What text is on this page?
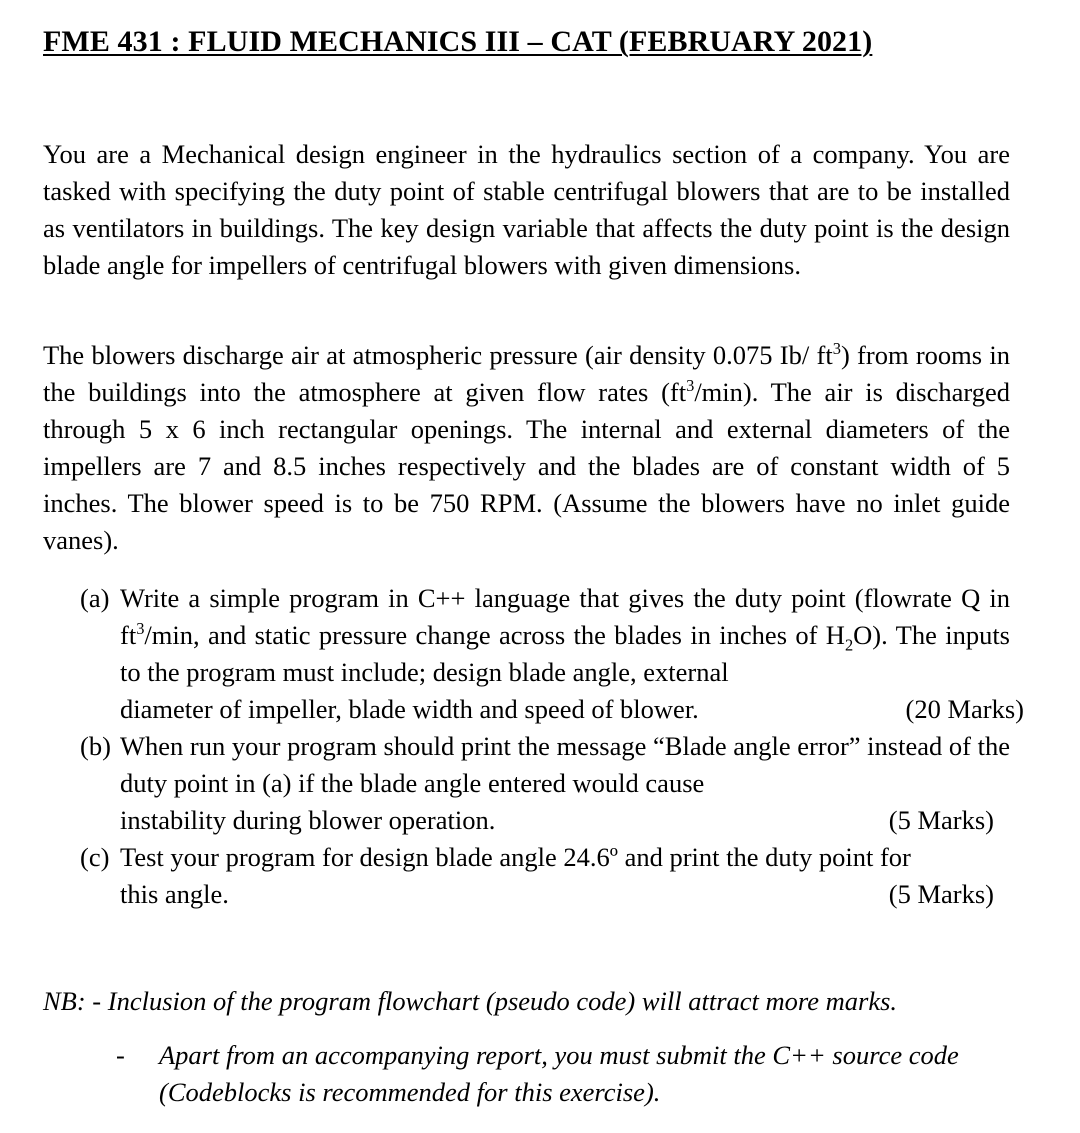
FME 431 : FLUID MECHANICS III – CAT (FEBRUARY 2021)

You are a Mechanical design engineer in the hydraulics section of a company. You are tasked with specifying the duty point of stable centrifugal blowers that are to be installed as ventilators in buildings. The key design variable that affects the duty point is the design blade angle for impellers of centrifugal blowers with given dimensions.

The blowers discharge air at atmospheric pressure (air density 0.075 Ib/ $ft^3$) from rooms in the buildings into the atmosphere at given flow rates $(ft^3/\min)$. The air is discharged through 5 x 6 inch rectangular openings. The internal and external diameters of the impellers are 7 and 8.5 inches respectively and the blades are of constant width of 5 inches. The blower speed is to be 750 RPM. (Assume the blowers have no inlet guide vanes).

(a) Write a simple program in C++ language that gives the duty point (flowrate Q in $ft^3/\min$, and static pressure change across the blades in inches of $H_2O$). The inputs to the program must include; design blade angle, external
diameter of impeller, blade width and speed of blower.	(20 Marks)
(b) When run your program should print the message “Blade angle error” instead of the duty point in (a) if the blade angle entered would cause
instability during blower operation.	(5 Marks)
(c) Test your program for design blade angle 24.6º and print the duty point for
this angle.	(5 Marks)
NB: - Inclusion of the program flowchart (pseudo code) will attract more marks.
- Apart from an accompanying report, you must submit the C++ source code (Codeblocks is recommended for this exercise).
